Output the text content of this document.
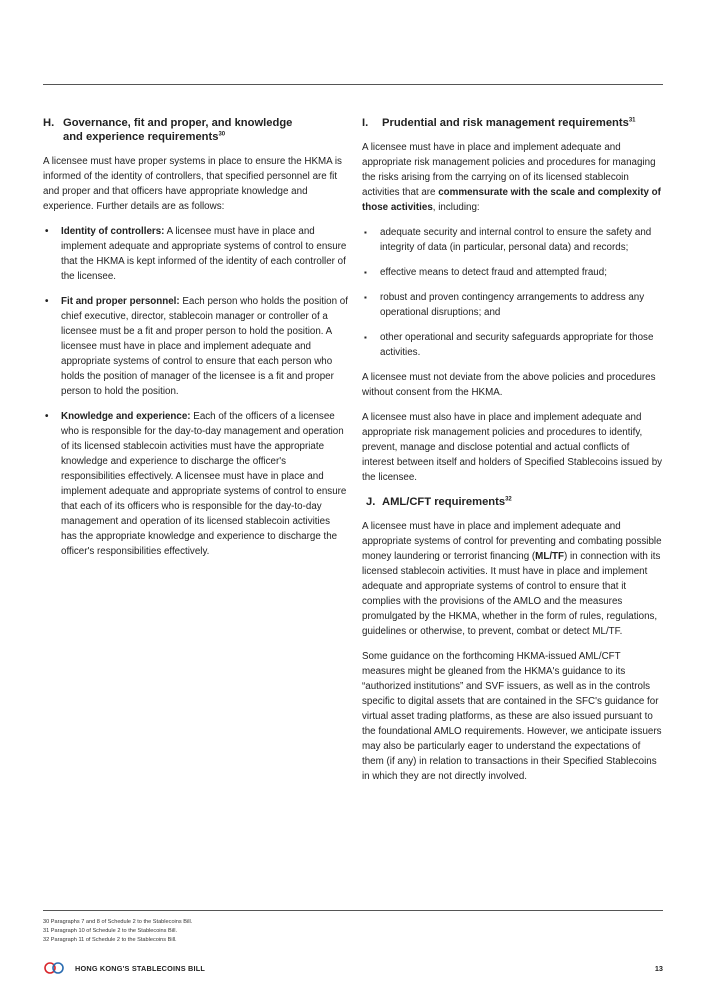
H. Governance, fit and proper, and knowledge
and experience requirements$^{30}$

A licensee must have proper systems in place to ensure the HKMA is informed of the identity of controllers, that specified personnel are fit and proper and that officers have appropriate knowledge and experience. Further details are as follows:

• Identity of controllers: A licensee must have in place and implement adequate and appropriate systems of control to ensure that the HKMA is kept informed of the identity of each controller of the licensee.
• Fit and proper personnel: Each person who holds the position of chief executive, director, stablecoin manager or controller of a licensee must be a fit and proper person to hold the position. A licensee must have in place and implement adequate and appropriate systems of control to ensure that each person who holds the position of manager of the licensee is a fit and proper person to hold the position.
• Knowledge and experience: Each of the officers of a licensee who is responsible for the day-to-day management and operation of its licensed stablecoin activities must have the appropriate knowledge and experience to discharge the officer's responsibilities effectively. A licensee must have in place and implement adequate and appropriate systems of control to ensure that each of its officers who is responsible for the day-to-day management and operation of its licensed stablecoin activities has the appropriate knowledge and experience to discharge the officer's responsibilities effectively.
I. Prudential and risk management requirements$^{31}$

A licensee must have in place and implement adequate and appropriate risk management policies and procedures for managing the risks arising from the carrying on of its licensed stablecoin activities that are commensurate with the scale and complexity of those activities, including:

▪ adequate security and internal control to ensure the safety and integrity of data (in particular, personal data) and records;
▪ effective means to detect fraud and attempted fraud;
▪ robust and proven contingency arrangements to address any operational disruptions; and
▪ other operational and security safeguards appropriate for those activities.

A licensee must not deviate from the above policies and procedures without consent from the HKMA.

A licensee must also have in place and implement adequate and appropriate risk management policies and procedures to identify, prevent, manage and disclose potential and actual conflicts of interest between itself and holders of Specified Stablecoins issued by the licensee.

J. AML/CFT requirements$^{32}$

A licensee must have in place and implement adequate and appropriate systems of control for preventing and combating possible money laundering or terrorist financing (ML/TF) in connection with its licensed stablecoin activities. It must have in place and implement adequate and appropriate systems of control to ensure that it complies with the provisions of the AMLO and the measures promulgated by the HKMA, whether in the form of rules, regulations, guidelines or otherwise, to prevent, combat or detect ML/TF.

Some guidance on the forthcoming HKMA-issued AML/CFT measures might be gleaned from the HKMA's guidance to its “authorized institutions” and SVF issuers, as well as in the controls specific to digital assets that are contained in the SFC's guidance for virtual asset trading platforms, as these are also issued pursuant to the foundational AMLO requirements. However, we anticipate issuers may also be particularly eager to understand the expectations of them (if any) in relation to transactions in their Specified Stablecoins in which they are not directly involved.

30 Paragraphs 7 and 8 of Schedule 2 to the Stablecoins Bill.
31 Paragraph 10 of Schedule 2 to the Stablecoins Bill.
32 Paragraph 11 of Schedule 2 to the Stablecoins Bill.
HONG KONG'S STABLECOINS BILL	13
